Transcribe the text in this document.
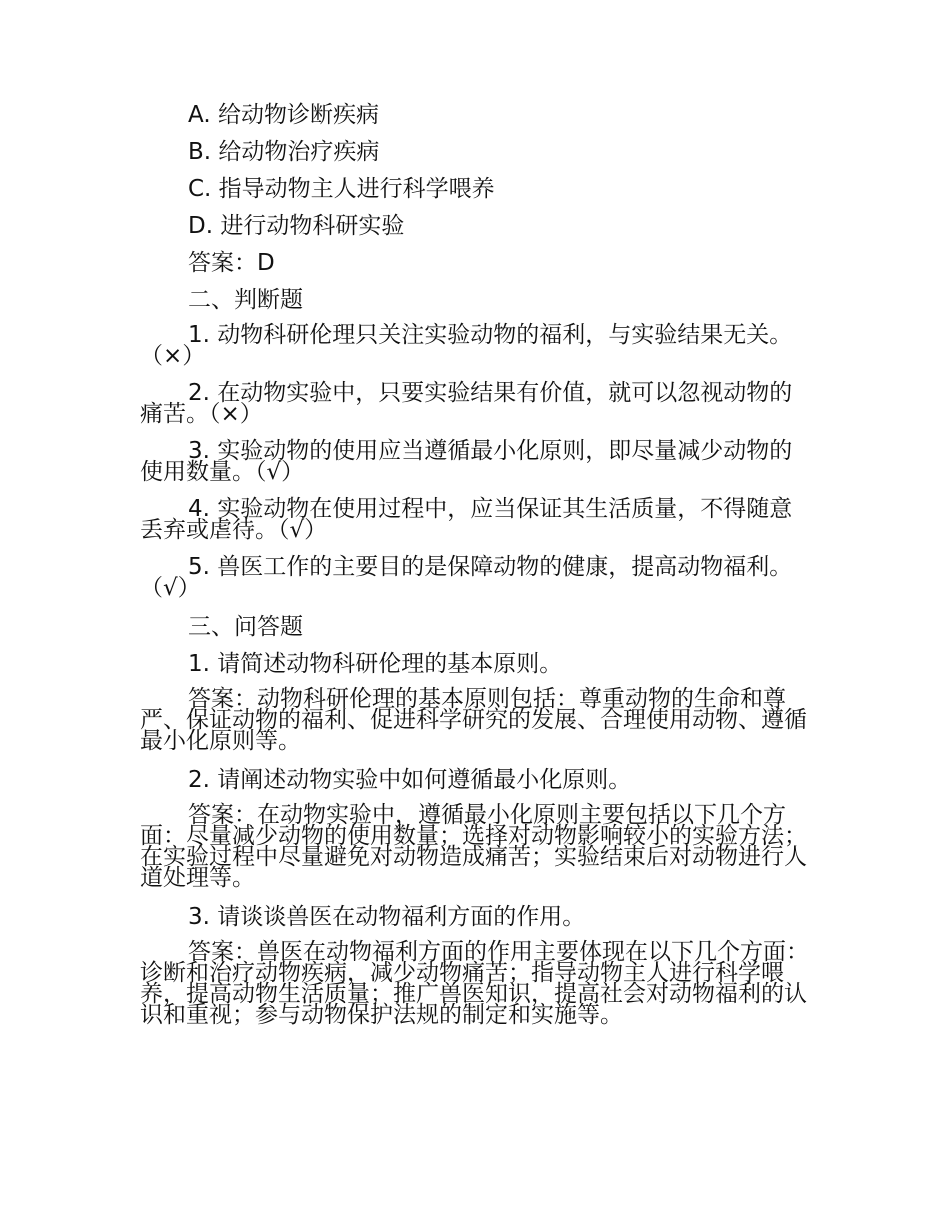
A. 给动物诊断疾病

B. 给动物治疗疾病

C. 指导动物主人进行科学喂养

D. 进行动物科研实验

答案：D

二、判断题

1. 动物科研伦理只关注实验动物的福利，与实验结果无关。（×）

2. 在动物实验中，只要实验结果有价值，就可以忽视动物的痛苦。（×）

3. 实验动物的使用应当遵循最小化原则，即尽量减少动物的使用数量。（√）

4. 实验动物在使用过程中，应当保证其生活质量，不得随意丢弃或虐待。（√）

5. 兽医工作的主要目的是保障动物的健康，提高动物福利。（√）

三、问答题

1. 请简述动物科研伦理的基本原则。

答案：动物科研伦理的基本原则包括：尊重动物的生命和尊严、保证动物的福利、促进科学研究的发展、合理使用动物、遵循最小化原则等。

2. 请阐述动物实验中如何遵循最小化原则。

答案：在动物实验中，遵循最小化原则主要包括以下几个方面：尽量减少动物的使用数量；选择对动物影响较小的实验方法；在实验过程中尽量避免对动物造成痛苦；实验结束后对动物进行人道处理等。

3. 请谈谈兽医在动物福利方面的作用。

答案：兽医在动物福利方面的作用主要体现在以下几个方面：诊断和治疗动物疾病，减少动物痛苦；指导动物主人进行科学喂养，提高动物生活质量；推广兽医知识，提高社会对动物福利的认识和重视；参与动物保护法规的制定和实施等。
